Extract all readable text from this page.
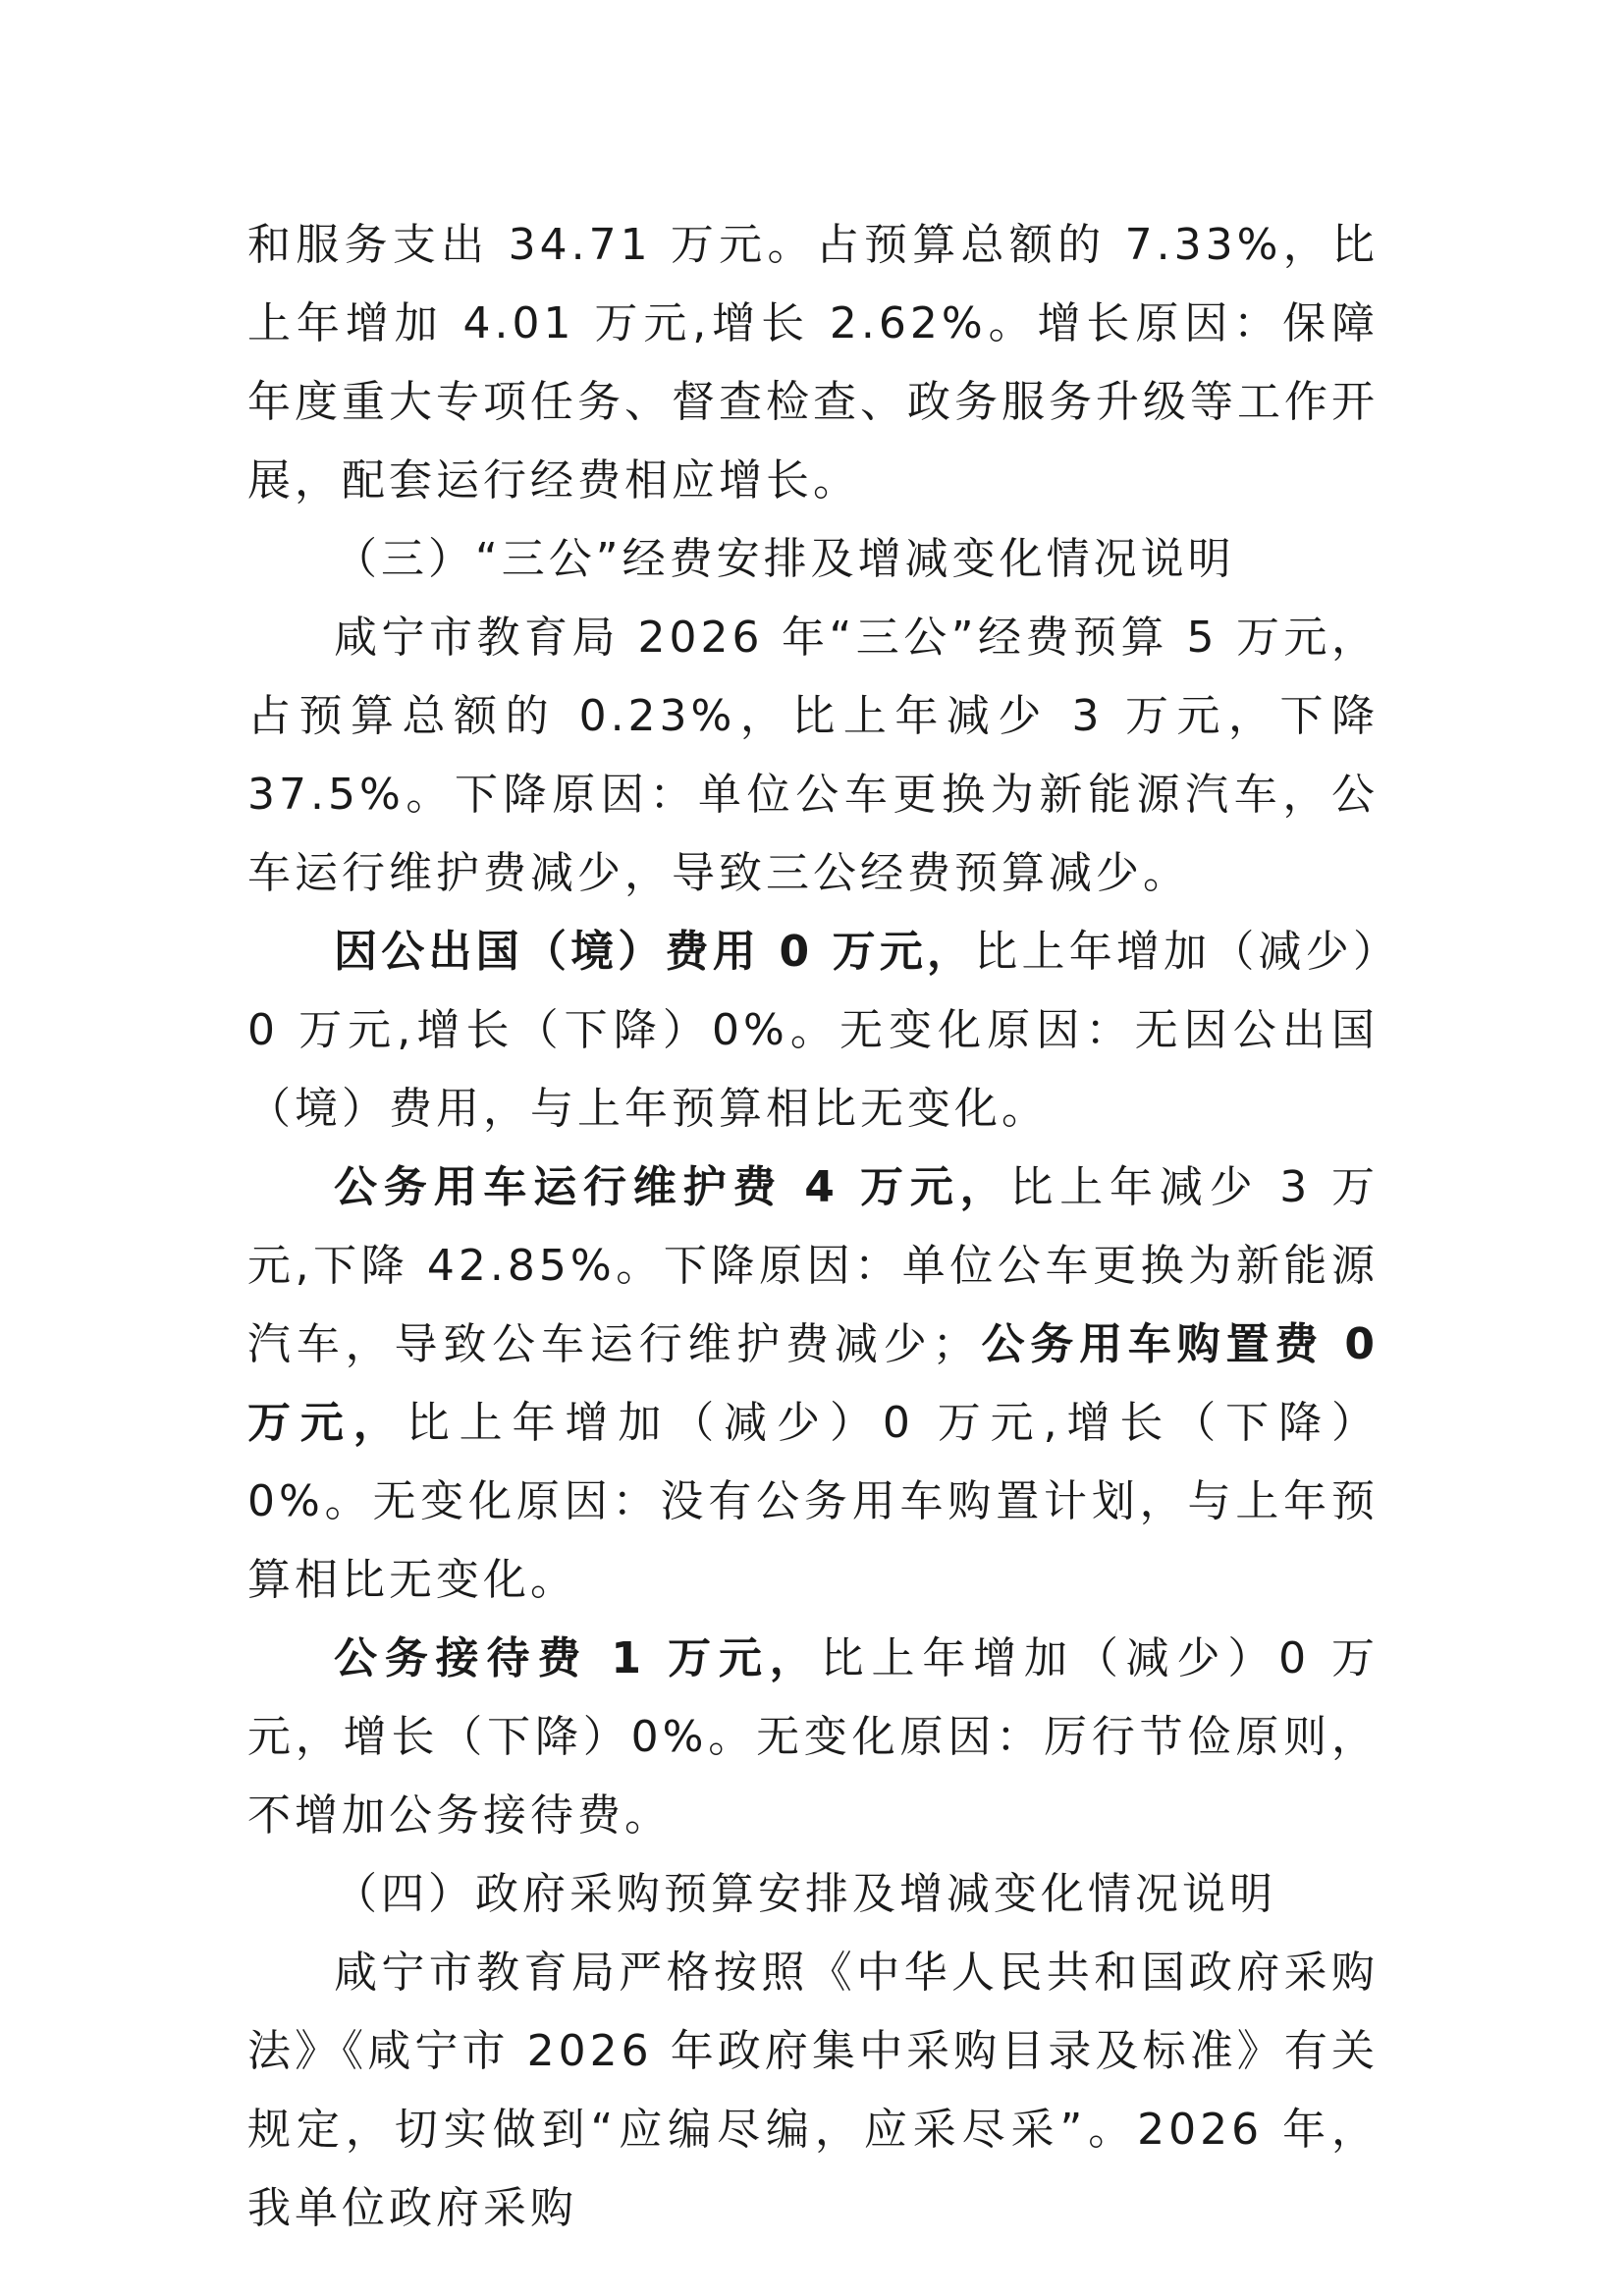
和服务支出 34.71 万元。占预算总额的 7.33%，比上年增加 4.01 万元,增长 2.62%。增长原因：保障年度重大专项任务、督查检查、政务服务升级等工作开展，配套运行经费相应增长。

（三）“三公”经费安排及增减变化情况说明

咸宁市教育局 2026 年“三公”经费预算 5 万元，占预算总额的 0.23%，比上年减少 3 万元，下降 37.5%。下降原因：单位公车更换为新能源汽车，公车运行维护费减少，导致三公经费预算减少。

因公出国（境）费用 0 万元，比上年增加（减少）0 万元,增长（下降）0%。无变化原因：无因公出国（境）费用，与上年预算相比无变化。

公务用车运行维护费 4 万元，比上年减少 3 万元,下降 42.85%。下降原因：单位公车更换为新能源汽车，导致公车运行维护费减少；公务用车购置费 0 万元，比上年增加（减少）0 万元,增长（下降）0%。无变化原因：没有公务用车购置计划，与上年预算相比无变化。

公务接待费 1 万元，比上年增加（减少）0 万元，增长（下降）0%。无变化原因：厉行节俭原则，不增加公务接待费。

（四）政府采购预算安排及增减变化情况说明

咸宁市教育局严格按照《中华人民共和国政府采购法》《咸宁市 2026 年政府集中采购目录及标准》有关规定，切实做到“应编尽编，应采尽采”。2026 年，我单位政府采购
